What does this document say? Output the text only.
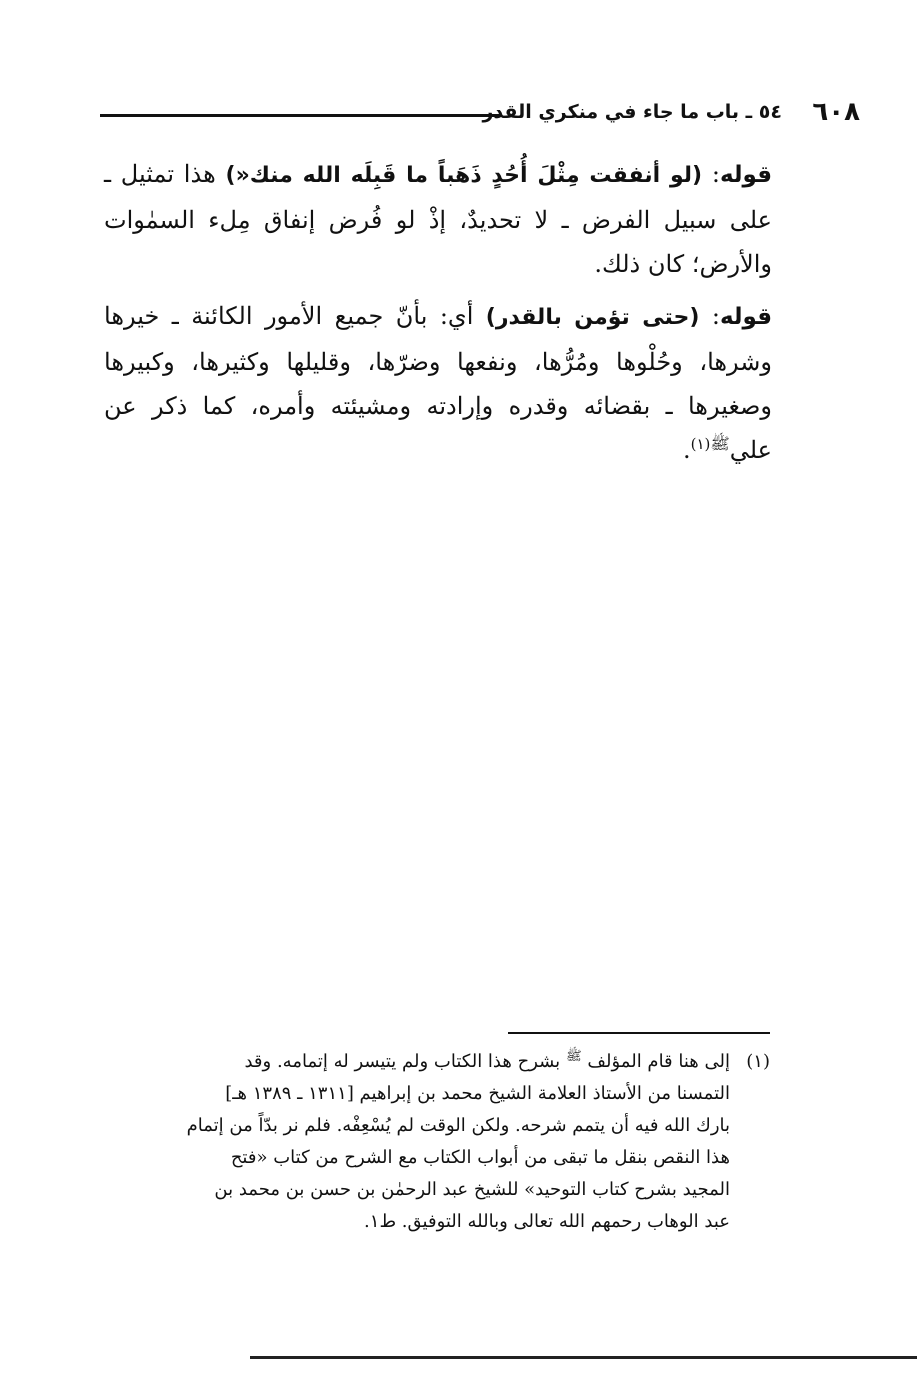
٦٠٨
٥٤ ـ باب ما جاء في منكري القدر

قوله: (لو أنفقت مِثْلَ أُحُدٍ ذَهَباً ما قَبِلَه الله منك«) هذا تمثيل ـ على سبيل الفرض ـ لا تحديدٌ، إذْ لو فُرض إنفاق مِلء السمٰوات والأرض؛ كان ذلك.

قوله: (حتى تؤمن بالقدر) أي: بأنّ جميع الأمور الكائنة ـ خيرها وشرها، وحُلْوها ومُرُّها، ونفعها وضرّها، وقليلها وكثيرها، وكبيرها وصغيرها ـ بقضائه وقدره وإرادته ومشيئته وأمره، كما ذكر عن علي$^{ﷺ(١)}$.

(١)إلى هنا قام المؤلف $^ﷺ$ بشرح هذا الكتاب ولم يتيسر له إتمامه. وقد
التمسنا من الأستاذ العلامة الشيخ محمد بن إبراهيم [١٣١١ ـ ١٣٨٩ هـ]
بارك الله فيه أن يتمم شرحه. ولكن الوقت لم يُسْعِفْه. فلم نر بدّاً من إتمام
هذا النقص بنقل ما تبقى من أبواب الكتاب مع الشرح من كتاب «فتح
المجيد بشرح كتاب التوحيد» للشيخ عبد الرحمٰن بن حسن بن محمد بن
عبد الوهاب رحمهم الله تعالى وبالله التوفيق. ط١.
